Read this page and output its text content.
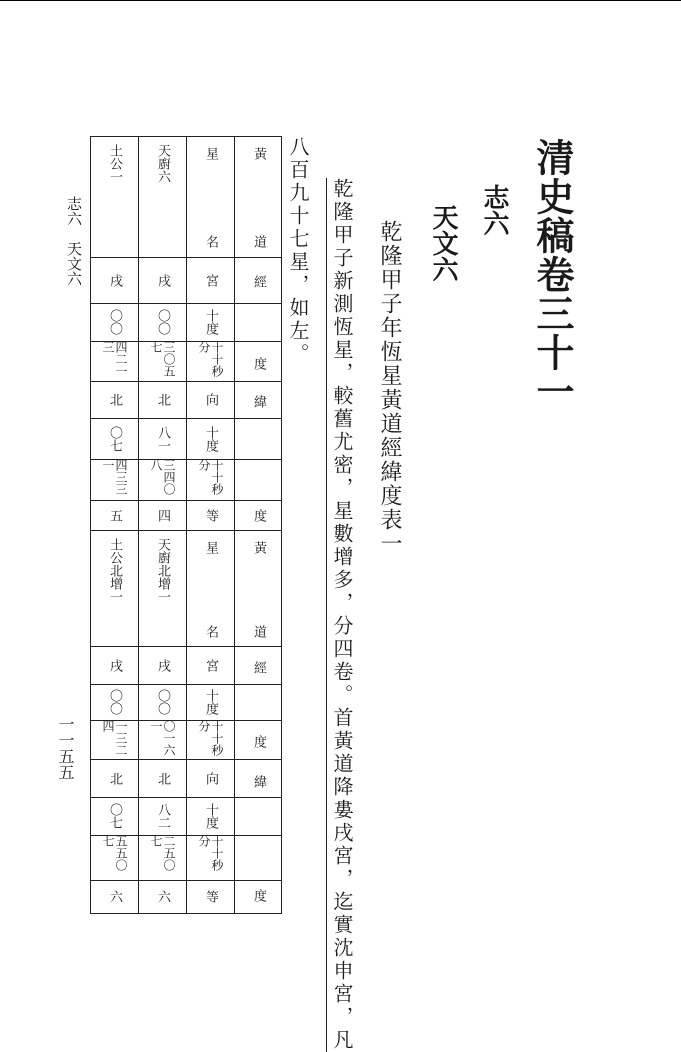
清史稿卷三十一
志六
天文六
乾隆甲子年恆星黃道經緯度表一
乾隆甲子新測恆星，較舊尤密，星數增多，分四卷。首黃道降婁戌宮，迄實沈申宮，凡
八百九十七星，如左。
志六　天文六
一一五五
黃
道
經
度
緯
度
黃
道
經
度
緯
度
星
名
宮
十度
十十秒分
向
十度
十十秒分
等
星
名
宮
十度
十十秒分
向
十度
十十秒分
等
天廚六
戌
〇〇
三〇五七
北
八一
三四〇八
四
土公一
戌
〇〇
四二一三
北
〇七
四三三一
五
天廚北增一
戌
〇〇
〇一六一
北
八二
二五〇七
六
土公北增一
戌
〇〇
一三二四
北
〇七
五五〇七
六
